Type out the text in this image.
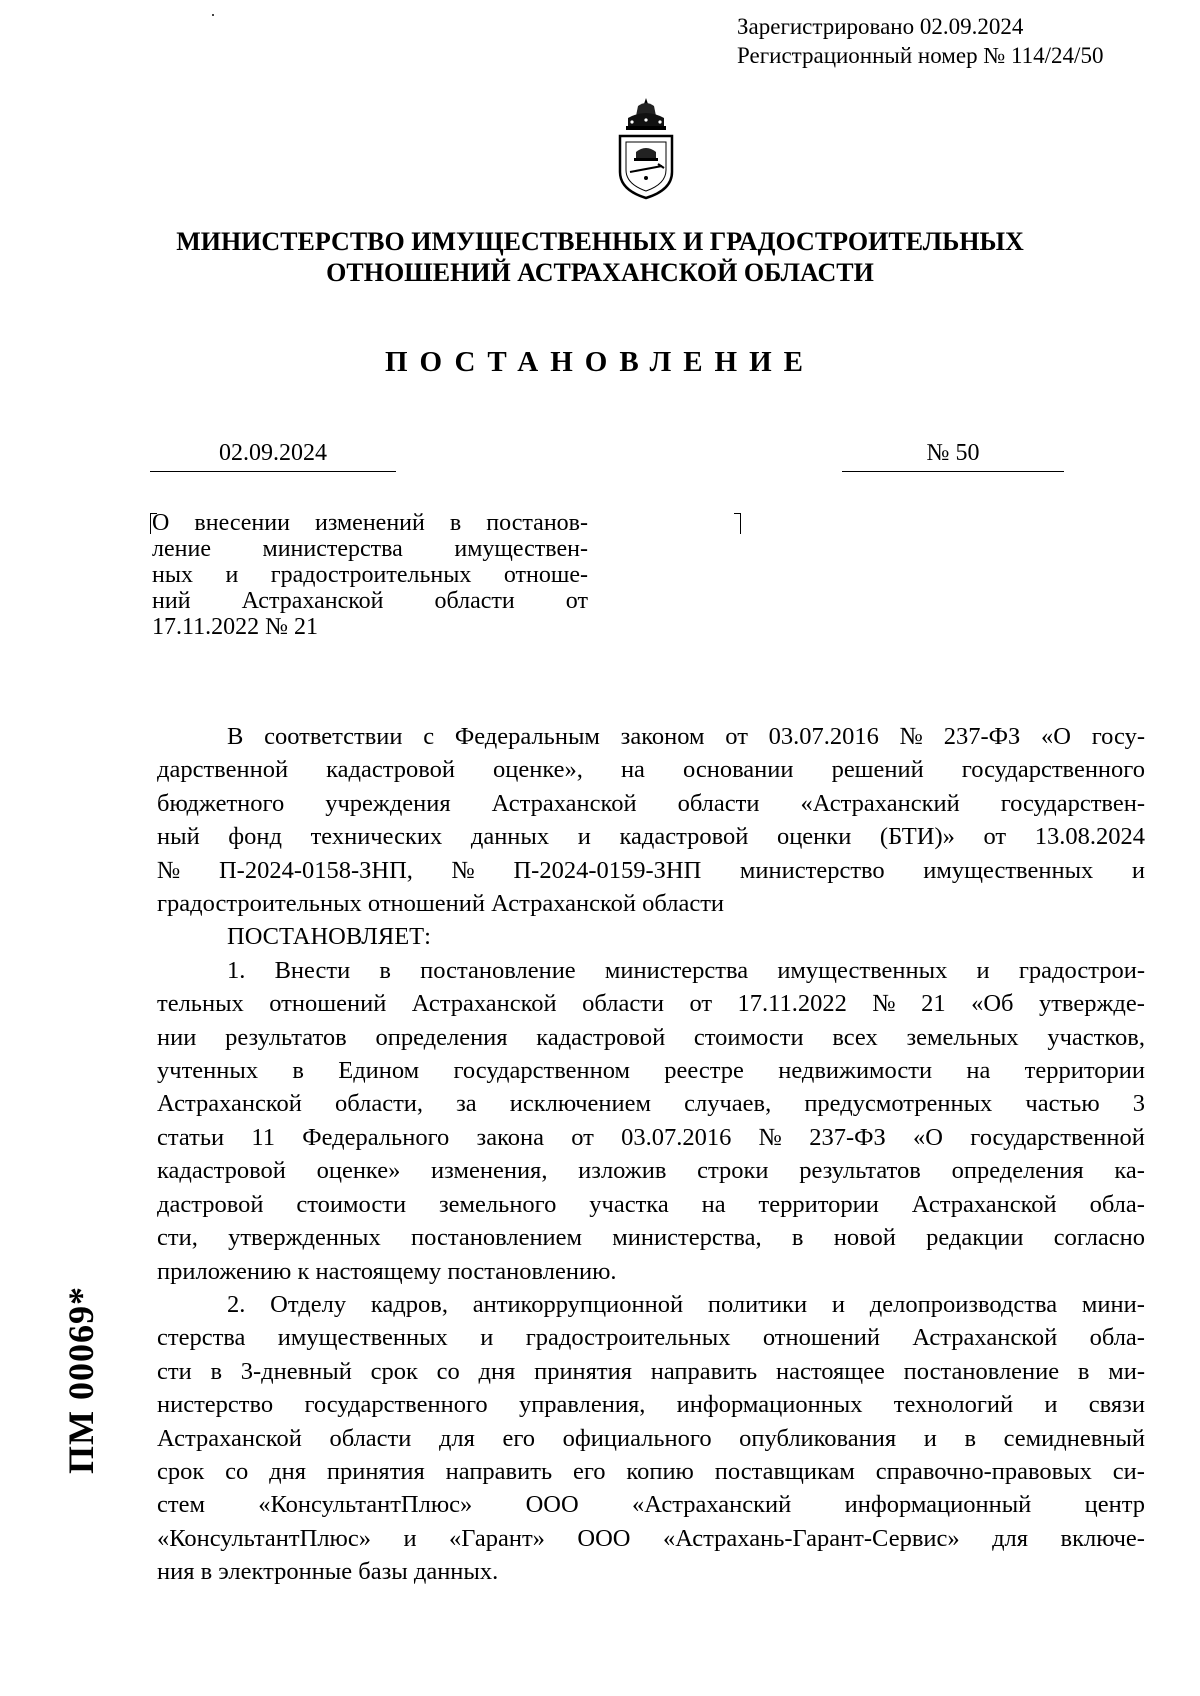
Зарегистрировано 02.09.2024
Регистрационный номер № 114/24/50
МИНИСТЕРСТВО ИМУЩЕСТВЕННЫХ И ГРАДОСТРОИТЕЛЬНЫХ
ОТНОШЕНИЙ АСТРАХАНСКОЙ ОБЛАСТИ
ПОСТАНОВЛЕНИЕ
02.09.2024	№ 50
О внесении изменений в постанов-
ление министерства имуществен-
ных и градостроительных отноше-
ний Астраханской области от
17.11.2022 № 21
В соответствии с Федеральным законом от 03.07.2016 № 237-ФЗ «О госу-
дарственной кадастровой оценке», на основании решений государственного
бюджетного учреждения Астраханской области «Астраханский государствен-
ный фонд технических данных и кадастровой оценки (БТИ)» от 13.08.2024
№ П-2024-0158-ЗНП, № П-2024-0159-ЗНП министерство имущественных и
градостроительных отношений Астраханской области
ПОСТАНОВЛЯЕТ:
1. Внести в постановление министерства имущественных и градострои-
тельных отношений Астраханской области от 17.11.2022 № 21 «Об утвержде-
нии результатов определения кадастровой стоимости всех земельных участков,
учтенных в Едином государственном реестре недвижимости на территории
Астраханской области, за исключением случаев, предусмотренных частью 3
статьи 11 Федерального закона от 03.07.2016 № 237-ФЗ «О государственной
кадастровой оценке» изменения, изложив строки результатов определения ка-
дастровой стоимости земельного участка на территории Астраханской обла-
сти, утвержденных постановлением министерства, в новой редакции согласно
приложению к настоящему постановлению.
2. Отделу кадров, антикоррупционной политики и делопроизводства мини-
стерства имущественных и градостроительных отношений Астраханской обла-
сти в 3-дневный срок со дня принятия направить настоящее постановление в ми-
нистерство государственного управления, информационных технологий и связи
Астраханской области для его официального опубликования и в семидневный
срок со дня принятия направить его копию поставщикам справочно-правовых си-
стем «КонсультантПлюс» ООО «Астраханский информационный центр
«КонсультантПлюс» и «Гарант» ООО «Астрахань-Гарант-Сервис» для включе-
ния в электронные базы данных.
ПМ 00069*
